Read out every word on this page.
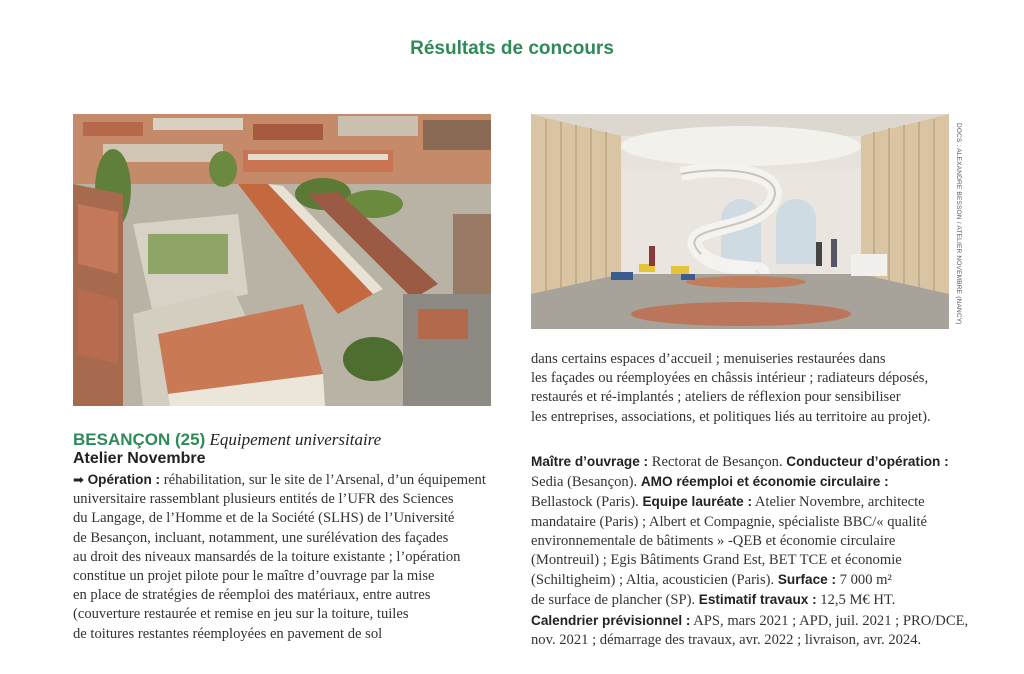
Résultats de concours
DOCS : ALEXANDRE BESSON / ATELIER NOVEMBRE (NANCY)
BESANÇON (25) Equipement universitaire
Atelier Novembre
➡ Opération : réhabilitation, sur le site de l’Arsenal, d’un équipement
universitaire rassemblant plusieurs entités de l’UFR des Sciences
du Langage, de l’Homme et de la Société (SLHS) de l’Université
de Besançon, incluant, notamment, une surélévation des façades
au droit des niveaux mansardés de la toiture existante ; l’opération
constitue un projet pilote pour le maître d’ouvrage par la mise
en place de stratégies de réemploi des matériaux, entre autres
(couverture restaurée et remise en jeu sur la toiture, tuiles
de toitures restantes réemployées en pavement de sol
dans certains espaces d’accueil ; menuiseries restaurées dans
les façades ou réemployées en châssis intérieur ; radiateurs déposés,
restaurés et ré-implantés ; ateliers de réflexion pour sensibiliser
les entreprises, associations, et politiques liés au territoire au projet).
Maître d’ouvrage : Rectorat de Besançon. Conducteur d’opération :
Sedia (Besançon). AMO réemploi et économie circulaire :
Bellastock (Paris). Equipe lauréate : Atelier Novembre, architecte
mandataire (Paris) ; Albert et Compagnie, spécialiste BBC/« qualité
environnementale de bâtiments » -QEB et économie circulaire
(Montreuil) ; Egis Bâtiments Grand Est, BET TCE et économie
(Schiltigheim) ; Altia, acousticien (Paris). Surface : 7 000 m²
de surface de plancher (SP). Estimatif travaux : 12,5 M€ HT.
Calendrier prévisionnel : APS, mars 2021 ; APD, juil. 2021 ; PRO/DCE,
nov. 2021 ; démarrage des travaux, avr. 2022 ; livraison, avr. 2024.
